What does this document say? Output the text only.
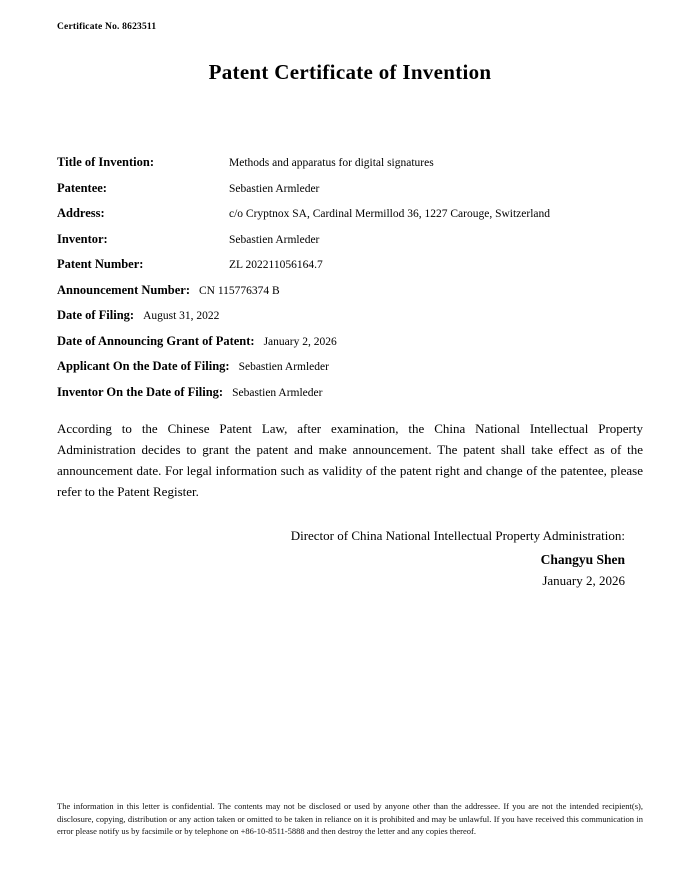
Certificate No. 8623511
Patent Certificate of Invention
Title of Invention:	Methods and apparatus for digital signatures
Patentee:	Sebastien Armleder
Address:	c/o Cryptnox SA, Cardinal Mermillod 36, 1227 Carouge, Switzerland
Inventor:	Sebastien Armleder
Patent Number:	ZL 202211056164.7
Announcement Number: CN 115776374 B
Date of Filing: August 31, 2022
Date of Announcing Grant of Patent: January 2, 2026
Applicant On the Date of Filing: Sebastien Armleder
Inventor On the Date of Filing: Sebastien Armleder
According to the Chinese Patent Law, after examination, the China National Intellectual Property Administration decides to grant the patent and make announcement. The patent shall take effect as of the announcement date. For legal information such as validity of the patent right and change of the patentee, please refer to the Patent Register.
Director of China National Intellectual Property Administration:
Changyu Shen
January 2, 2026
The information in this letter is confidential. The contents may not be disclosed or used by anyone other than the addressee. If you are not the intended recipient(s), disclosure, copying, distribution or any action taken or omitted to be taken in reliance on it is prohibited and may be unlawful. If you have received this communication in error please notify us by facsimile or by telephone on +86-10-8511-5888 and then destroy the letter and any copies thereof.
